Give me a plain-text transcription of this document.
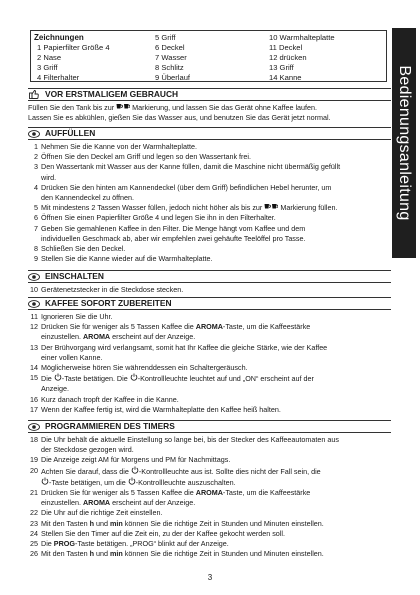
Bedienungsanleitung
Zeichnungen
1 Papierfilter Größe 4
2 Nase
3 Griff
4 Filterhalter
5 Griff
6 Deckel
7 Wasser
8 Schlitz
9 Überlauf
10 Warmhalteplatte
11 Deckel
12 drücken
13 Griff
14 Kanne
VOR ERSTMALIGEM GEBRAUCH
Füllen Sie den Tank bis zur	Markierung, und lassen Sie das Gerät ohne Kaffee laufen.
Lassen Sie es abkühlen, gießen Sie das Wasser aus, und benutzen Sie das Gerät jetzt normal.
AUFFÜLLEN
1 Nehmen Sie die Kanne von der Warmhalteplatte.
2 Öffnen Sie den Deckel am Griff und legen so den Wassertank frei.
3 Den Wassertank mit Wasser aus der Kanne füllen, damit die Maschine nicht übermäßig gefüllt
wird.
4 Drücken Sie den hinten am Kannendeckel (über dem Griff) befindlichen Hebel herunter, um
den Kannendeckel zu öffnen.
5 Mit mindestens 2 Tassen Wasser füllen, jedoch nicht höher als bis zur	Markierung füllen.
6 Öffnen Sie einen Papierfilter Größe 4 und legen Sie ihn in den Filterhalter.
7 Geben Sie gemahlenen Kaffee in den Filter. Die Menge hängt vom Kaffee und dem
individuellen Geschmack ab, aber wir empfehlen zwei gehäufte Teelöffel pro Tasse.
8 Schließen Sie den Deckel.
9 Stellen Sie die Kanne wieder auf die Warmhalteplatte.
EINSCHALTEN
10 Gerätenetzstecker in die Steckdose stecken.
KAFFEE SOFORT ZUBEREITEN
11 Ignorieren Sie die Uhr.
12 Drücken Sie für weniger als 5 Tassen Kaffee die AROMA-Taste, um die Kaffeestärke
einzustellen. AROMA erscheint auf der Anzeige.
13 Der Brühvorgang wird verlangsamt, somit hat Ihr Kaffee die gleiche Stärke, wie der Kaffee
einer vollen Kanne.
14 Möglicherweise hören Sie währenddessen ein Schaltergeräusch.
15 Die -Taste betätigen. Die -Kontrollleuchte leuchtet auf und „ON“ erscheint auf der
Anzeige.
16 Kurz danach tropft der Kaffee in die Kanne.
17 Wenn der Kaffee fertig ist, wird die Warmhalteplatte den Kaffee heiß halten.
PROGRAMMIEREN DES TIMERS
18 Die Uhr behält die aktuelle Einstellung so lange bei, bis der Stecker des Kaffeeautomaten aus
der Steckdose gezogen wird.
19 Die Anzeige zeigt AM für Morgens und PM für Nachmittags.
20 Achten Sie darauf, dass die -Kontrollleuchte aus ist. Sollte dies nicht der Fall sein, die
-Taste betätigen, um die -Kontrollleuchte auszuschalten.
21 Drücken Sie für weniger als 5 Tassen Kaffee die AROMA-Taste, um die Kaffeestärke
einzustellen. AROMA erscheint auf der Anzeige.
22 Die Uhr auf die richtige Zeit einstellen.
23 Mit den Tasten h und min können Sie die richtige Zeit in Stunden und Minuten einstellen.
24 Stellen Sie den Timer auf die Zeit ein, zu der der Kaffee gekocht werden soll.
25 Die PROG-Taste betätigen. „PROG“ blinkt auf der Anzeige.
26 Mit den Tasten h und min können Sie die richtige Zeit in Stunden und Minuten einstellen.
3
